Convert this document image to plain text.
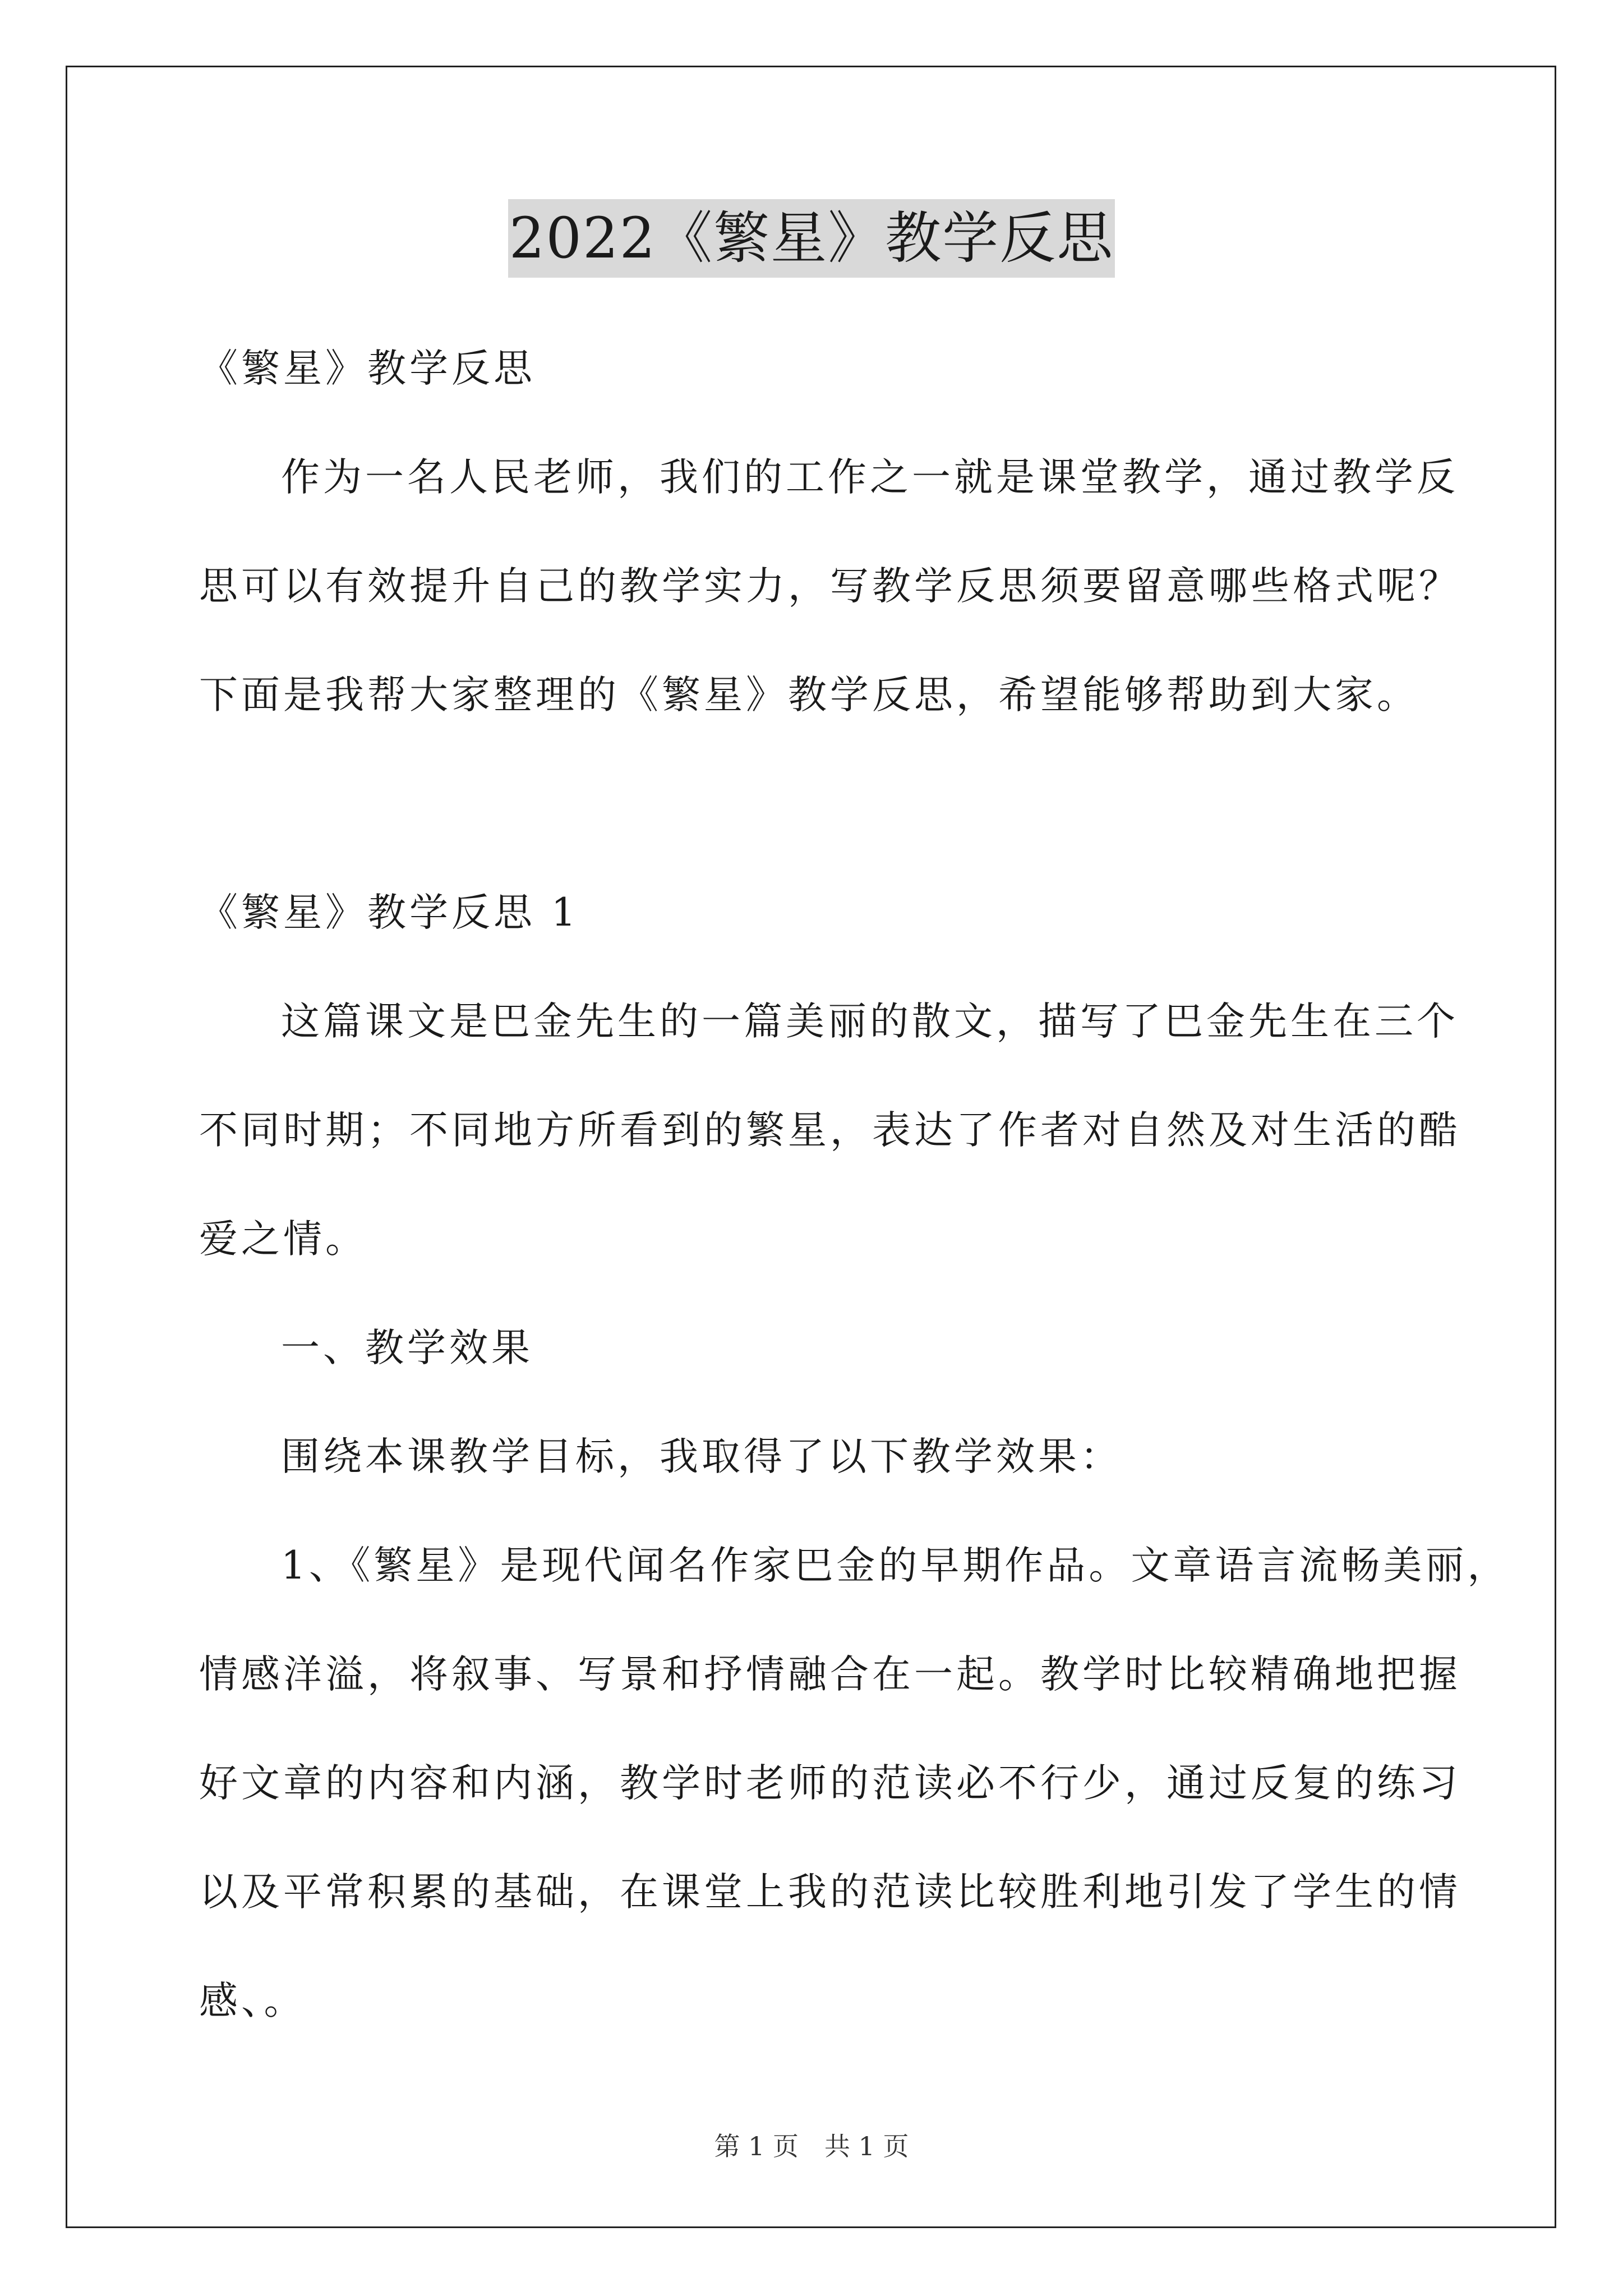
2022《繁星》教学反思
《繁星》教学反思
作为一名人民老师，我们的工作之一就是课堂教学，通过教学反
思可以有效提升自己的教学实力，写教学反思须要留意哪些格式呢？
下面是我帮大家整理的《繁星》教学反思，希望能够帮助到大家。
《繁星》教学反思 1
这篇课文是巴金先生的一篇美丽的散文，描写了巴金先生在三个
不同时期；不同地方所看到的繁星，表达了作者对自然及对生活的酷
爱之情。
一、教学效果
围绕本课教学目标，我取得了以下教学效果：
1、《繁星》是现代闻名作家巴金的早期作品。文章语言流畅美丽，
情感洋溢，将叙事、写景和抒情融合在一起。教学时比较精确地把握
好文章的内容和内涵，教学时老师的范读必不行少，通过反复的练习
以及平常积累的基础，在课堂上我的范读比较胜利地引发了学生的情
感、。
第 1 页　共 1 页
